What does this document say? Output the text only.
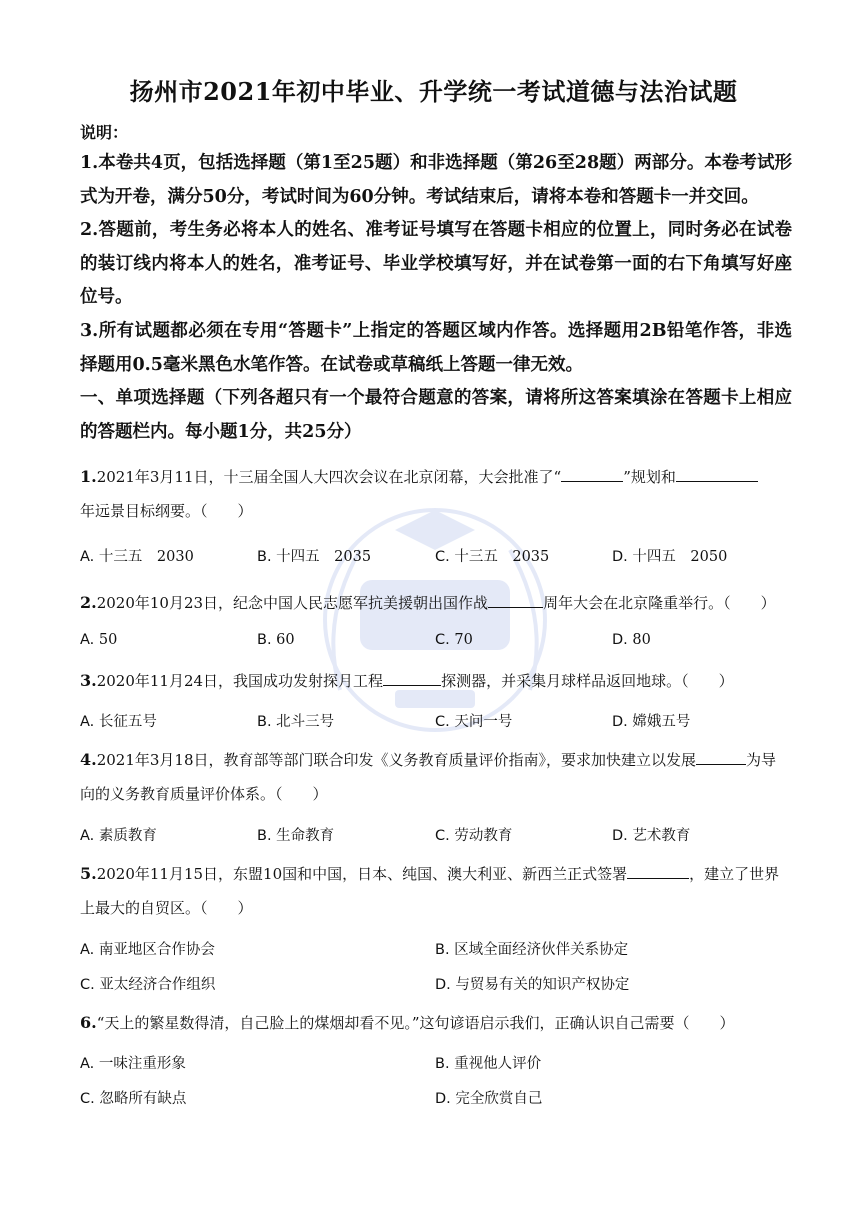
扬州市2021年初中毕业、升学统一考试道德与法治试题
说明：
1.本卷共4页，包括选择题（第1至25题）和非选择题（第26至28题）两部分。本卷考试形式为开卷，满分50分，考试时间为60分钟。考试结束后，请将本卷和答题卡一并交回。
2.答题前，考生务必将本人的姓名、准考证号填写在答题卡相应的位置上，同时务必在试卷的装订线内将本人的姓名，准考证号、毕业学校填写好，并在试卷第一面的右下角填写好座位号。
3.所有试题都必须在专用“答题卡”上指定的答题区域内作答。选择题用2B铅笔作答，非选择题用0.5毫米黑色水笔作答。在试卷或草稿纸上答题一律无效。
一、单项选择题（下列各超只有一个最符合题意的答案，请将所这答案填涂在答题卡上相应的答题栏内。每小题1分，共25分）
1.2021年3月11日，十三届全国人大四次会议在北京闭幕，大会批准了“	”规划和
年远景目标纲要。（　　）
A. 十三五　2030	B. 十四五　2035	C. 十三五　2035	D. 十四五　2050
2.2020年10月23日，纪念中国人民志愿军抗美援朝出国作战	周年大会在北京隆重举行。（　　）
A. 50	B. 60	C. 70	D. 80
3.2020年11月24日，我国成功发射探月工程	探测器，并采集月球样品返回地球。（　　）
A. 长征五号	B. 北斗三号	C. 天问一号	D. 嫦娥五号
4.2021年3月18日，教育部等部门联合印发《义务教育质量评价指南》，要求加快建立以发展	为导
向的义务教育质量评价体系。（　　）
A. 素质教育	B. 生命教育	C. 劳动教育	D. 艺术教育
5.2020年11月15日，东盟10国和中国，日本、纯国、澳大利亚、新西兰正式签署	，建立了世界
上最大的自贸区。（　　）
A. 南亚地区合作协会	B. 区域全面经济伙伴关系协定
C. 亚太经济合作组织	D. 与贸易有关的知识产权协定
6.“天上的繁星数得清，自己脸上的煤烟却看不见。”这句谚语启示我们，正确认识自己需要（　　）
A. 一味注重形象	B. 重视他人评价
C. 忽略所有缺点	D. 完全欣赏自己
